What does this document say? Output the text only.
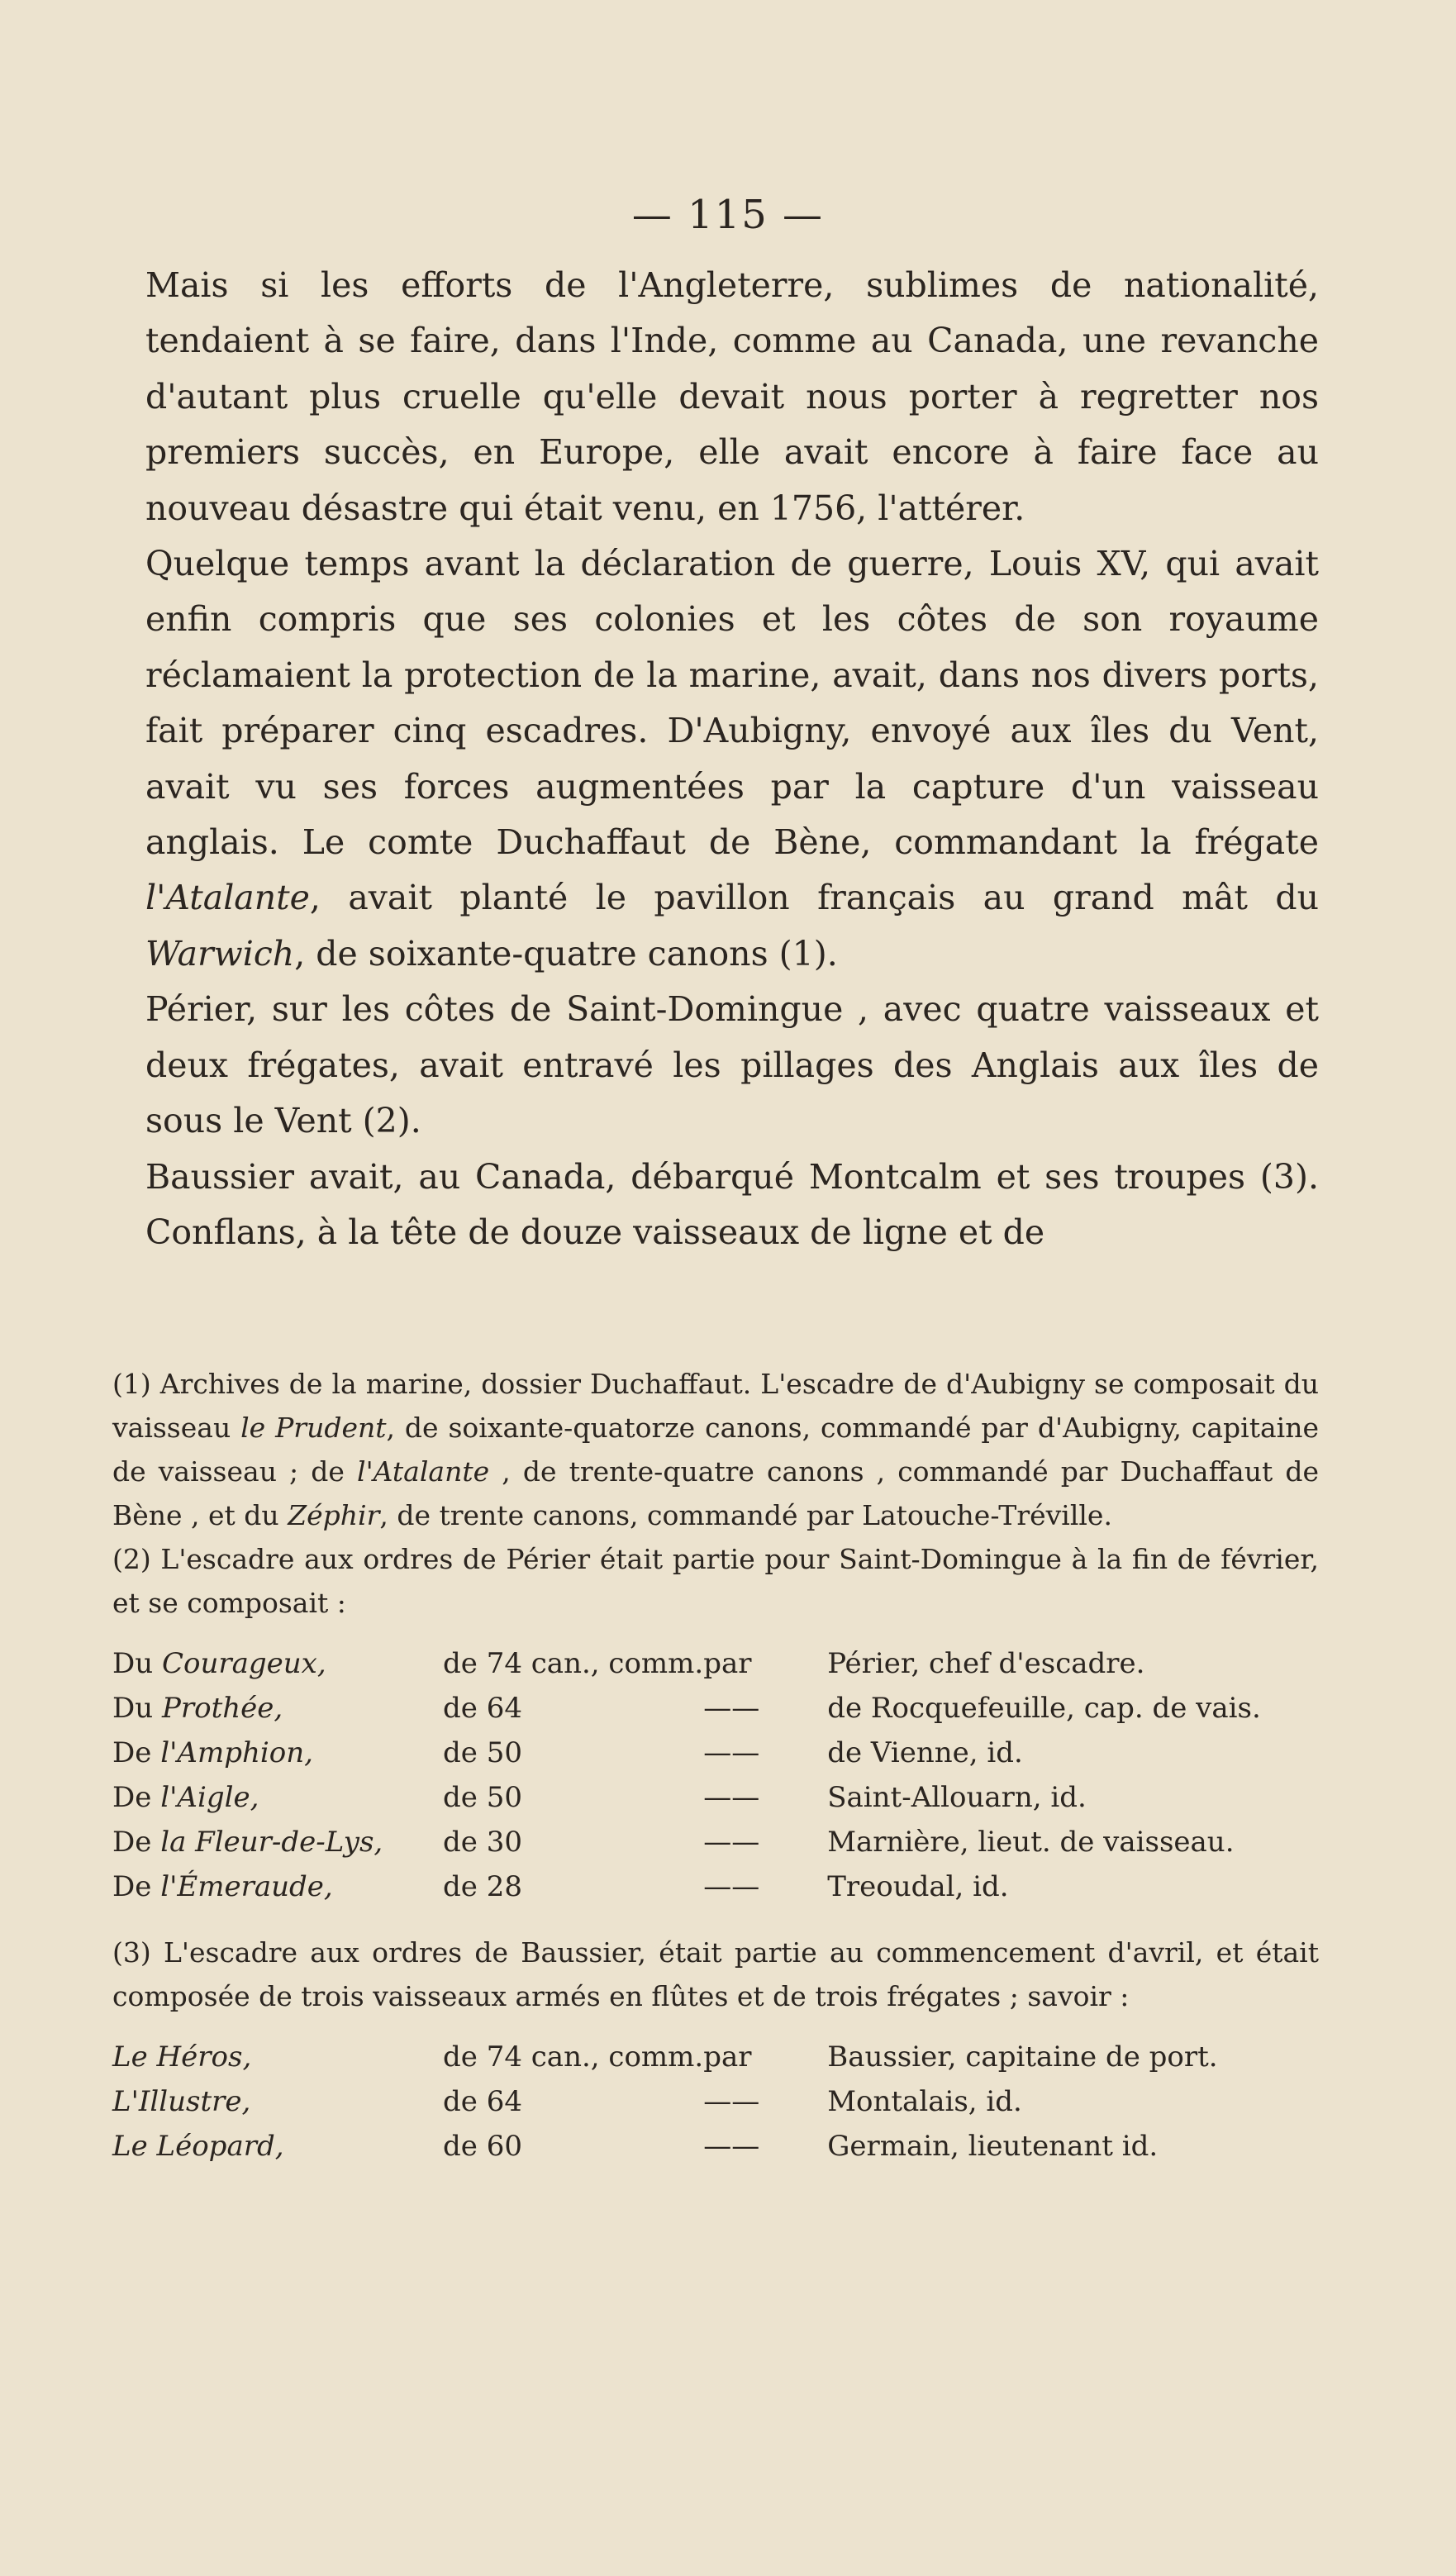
— 115 —

Mais si les efforts de l'Angleterre, sublimes de nationalité, tendaient à se faire, dans l'Inde, comme au Canada, une revanche d'autant plus cruelle qu'elle devait nous porter à regretter nos premiers succès, en Europe, elle avait encore à faire face au nouveau désastre qui était venu, en 1756, l'attérer.

Quelque temps avant la déclaration de guerre, Louis XV, qui avait enfin compris que ses colonies et les côtes de son royaume réclamaient la protection de la marine, avait, dans nos divers ports, fait préparer cinq escadres. D'Aubigny, envoyé aux îles du Vent, avait vu ses forces augmentées par la capture d'un vaisseau anglais. Le comte Duchaffaut de Bène, commandant la frégate l'Atalante, avait planté le pavillon français au grand mât du Warwich, de soixante-quatre canons (1).

Périer, sur les côtes de Saint-Domingue , avec quatre vaisseaux et deux frégates, avait entravé les pillages des Anglais aux îles de sous le Vent (2).

Baussier avait, au Canada, débarqué Montcalm et ses troupes (3). Conflans, à la tête de douze vaisseaux de ligne et de

(1) Archives de la marine, dossier Duchaffaut. L'escadre de d'Aubigny se composait du vaisseau le Prudent, de soixante-quatorze canons, commandé par d'Aubigny, capitaine de vaisseau ; de l'Atalante , de trente-quatre canons , commandé par Duchaffaut de Bène , et du Zéphir, de trente canons, commandé par Latouche-Tréville.

(2) L'escadre aux ordres de Périer était partie pour Saint-Domingue à la fin de février, et se composait :

Du Courageux,	de 74 can., comm.	par	Périer, chef d'escadre.
Du Prothée,	de 64	——	de Rocquefeuille, cap. de vais.
De l'Amphion,	de 50	——	de Vienne, id.
De l'Aigle,	de 50	——	Saint-Allouarn, id.
De la Fleur-de-Lys,	de 30	——	Marnière, lieut. de vaisseau.
De l'Émeraude,	de 28	——	Treoudal, id.

(3) L'escadre aux ordres de Baussier, était partie au commencement d'avril, et était composée de trois vaisseaux armés en flûtes et de trois frégates ; savoir :

Le Héros,	de 74 can., comm.	par	Baussier, capitaine de port.
L'Illustre,	de 64	——	Montalais, id.
Le Léopard,	de 60	——	Germain, lieutenant id.
